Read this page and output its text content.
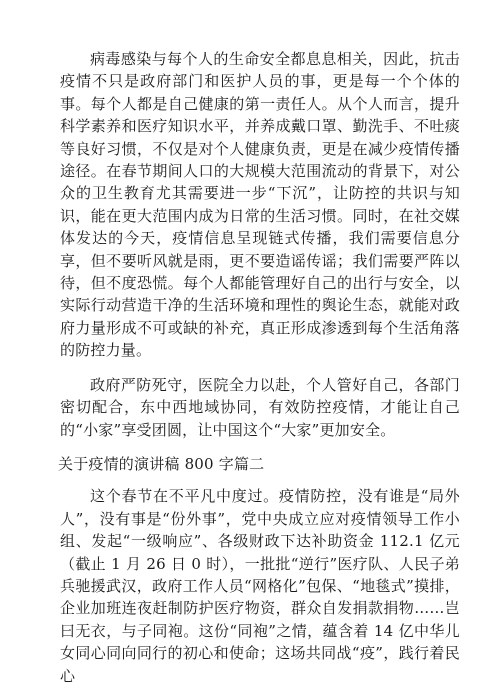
病毒感染与每个人的生命安全都息息相关，因此，抗击疫情不只是政府部门和医护人员的事，更是每一个个体的事。每个人都是自己健康的第一责任人。从个人而言，提升科学素养和医疗知识水平，并养成戴口罩、勤洗手、不吐痰等良好习惯，不仅是对个人健康负责，更是在减少疫情传播途径。在春节期间人口的大规模大范围流动的背景下，对公众的卫生教育尤其需要进一步“下沉”，让防控的共识与知识，能在更大范围内成为日常的生活习惯。同时，在社交媒体发达的今天，疫情信息呈现链式传播，我们需要信息分享，但不要听风就是雨，更不要造谣传谣；我们需要严阵以待，但不度恐慌。每个人都能管理好自己的出行与安全，以实际行动营造干净的生活环境和理性的舆论生态，就能对政府力量形成不可或缺的补充，真正形成渗透到每个生活角落的防控力量。

政府严防死守，医院全力以赴，个人管好自己，各部门密切配合，东中西地域协同，有效防控疫情，才能让自己的“小家”享受团圆，让中国这个“大家”更加安全。

关于疫情的演讲稿 800 字篇二

这个春节在不平凡中度过。疫情防控，没有谁是“局外人”，没有事是“份外事”，党中央成立应对疫情领导工作小组、发起“一级响应”、各级财政下达补助资金 112.1 亿元（截止 1 月 26 日 0 时），一批批“逆行”医疗队、人民子弟兵驰援武汉，政府工作人员“网格化”包保、“地毯式”摸排，企业加班连夜赶制防护医疗物资，群众自发捐款捐物……岂曰无衣，与子同袍。这份“同袍”之情，蕴含着 14 亿中华儿女同心同向同行的初心和使命；这场共同战“疫”，践行着民心
